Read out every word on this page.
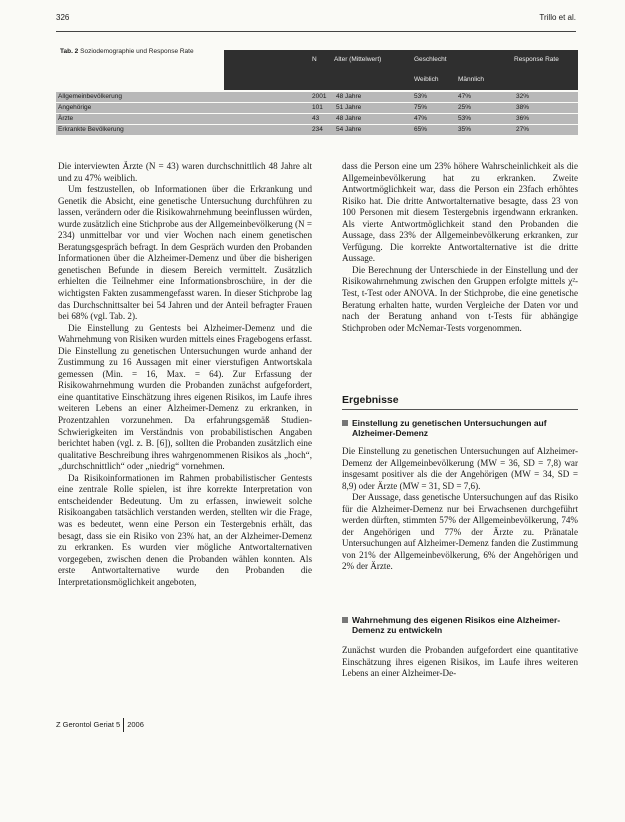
326	Trillo et al.
Tab. 2 Soziodemographie und Response Rate
N	Alter (Mittelwert)	Geschlecht
Weiblich	Männlich
Response Rate
Allgemeinbevölkerung	2001 48 Jahre	53%	47%	32%
Angehörige	101 51 Jahre	75%	25%	38%
Ärzte	43	48 Jahre	47%	53%	36%
Erkrankte Bevölkerung	234 54 Jahre	65%	35%	27%

Die interviewten Ärzte (N = 43) waren durchschnittlich 48 Jahre alt und zu 47% weiblich.

Um festzustellen, ob Informationen über die Erkrankung und Genetik die Absicht, eine genetische Untersuchung durchführen zu lassen, verändern oder die Risikowahrnehmung beeinflussen würden, wurde zusätzlich eine Stichprobe aus der Allgemeinbevölkerung (N = 234) unmittelbar vor und vier Wochen nach einem genetischen Beratungsgespräch befragt. In dem Gespräch wurden den Probanden Informationen über die Alzheimer-Demenz und über die bisherigen genetischen Befunde in diesem Bereich vermittelt. Zusätzlich erhielten die Teilnehmer eine Informationsbroschüre, in der die wichtigsten Fakten zusammengefasst waren. In dieser Stichprobe lag das Durchschnittsalter bei 54 Jahren und der Anteil befragter Frauen bei 68% (vgl. Tab. 2).

Die Einstellung zu Gentests bei Alzheimer-Demenz und die Wahrnehmung von Risiken wurden mittels eines Fragebogens erfasst. Die Einstellung zu genetischen Untersuchungen wurde anhand der Zustimmung zu 16 Aussagen mit einer vierstufigen Antwortskala gemessen (Min. = 16, Max. = 64). Zur Erfassung der Risikowahrnehmung wurden die Probanden zunächst aufgefordert, eine quantitative Einschätzung ihres eigenen Risikos, im Laufe ihres weiteren Lebens an einer Alzheimer-Demenz zu erkranken, in Prozentzahlen vorzunehmen. Da erfahrungsgemäß Studien-Schwierigkeiten im Verständnis von probabilistischen Angaben berichtet haben (vgl. z. B. [6]), sollten die Probanden zusätzlich eine qualitative Beschreibung ihres wahrgenommenen Risikos als „hoch“, „durchschnittlich“ oder „niedrig“ vornehmen.

Da Risikoinformationen im Rahmen probabilistischer Gentests eine zentrale Rolle spielen, ist ihre korrekte Interpretation von entscheidender Bedeutung. Um zu erfassen, inwieweit solche Risikoangaben tatsächlich verstanden werden, stellten wir die Frage, was es bedeutet, wenn eine Person ein Testergebnis erhält, das besagt, dass sie ein Risiko von 23% hat, an der Alzheimer-Demenz zu erkranken. Es wurden vier mögliche Antwortalternativen vorgegeben, zwischen denen die Probanden wählen konnten. Als erste Antwortalternative wurde den Probanden die Interpretationsmöglichkeit angeboten,

dass die Person eine um 23% höhere Wahrscheinlichkeit als die Allgemeinbevölkerung hat zu erkranken. Zweite Antwortmöglichkeit war, dass die Person ein 23fach erhöhtes Risiko hat. Die dritte Antwortalternative besagte, dass 23 von 100 Personen mit diesem Testergebnis irgendwann erkranken. Als vierte Antwortmöglichkeit stand den Probanden die Aussage, dass 23% der Allgemeinbevölkerung erkranken, zur Verfügung. Die korrekte Antwortalternative ist die dritte Aussage.

Die Berechnung der Unterschiede in der Einstellung und der Risikowahrnehmung zwischen den Gruppen erfolgte mittels χ²-Test, t-Test oder ANOVA. In der Stichprobe, die eine genetische Beratung erhalten hatte, wurden Vergleiche der Daten vor und nach der Beratung anhand von t-Tests für abhängige Stichproben oder McNemar-Tests vorgenommen.

Ergebnisse
Einstellung zu genetischen Untersuchungen auf Alzheimer-Demenz

Die Einstellung zu genetischen Untersuchungen auf Alzheimer-Demenz der Allgemeinbevölkerung (MW = 36, SD = 7,8) war insgesamt positiver als die der Angehörigen (MW = 34, SD = 8,9) oder Ärzte (MW = 31, SD = 7,6).

Der Aussage, dass genetische Untersuchungen auf das Risiko für die Alzheimer-Demenz nur bei Erwachsenen durchgeführt werden dürften, stimmten 57% der Allgemeinbevölkerung, 74% der Angehörigen und 77% der Ärzte zu. Pränatale Untersuchungen auf Alzheimer-Demenz fanden die Zustimmung von 21% der Allgemeinbevölkerung, 6% der Angehörigen und 2% der Ärzte.

Wahrnehmung des eigenen Risikos eine Alzheimer-Demenz zu entwickeln

Zunächst wurden die Probanden aufgefordert eine quantitative Einschätzung ihres eigenen Risikos, im Laufe ihres weiteren Lebens an einer Alzheimer-De-

Z Gerontol Geriat 5 2006
